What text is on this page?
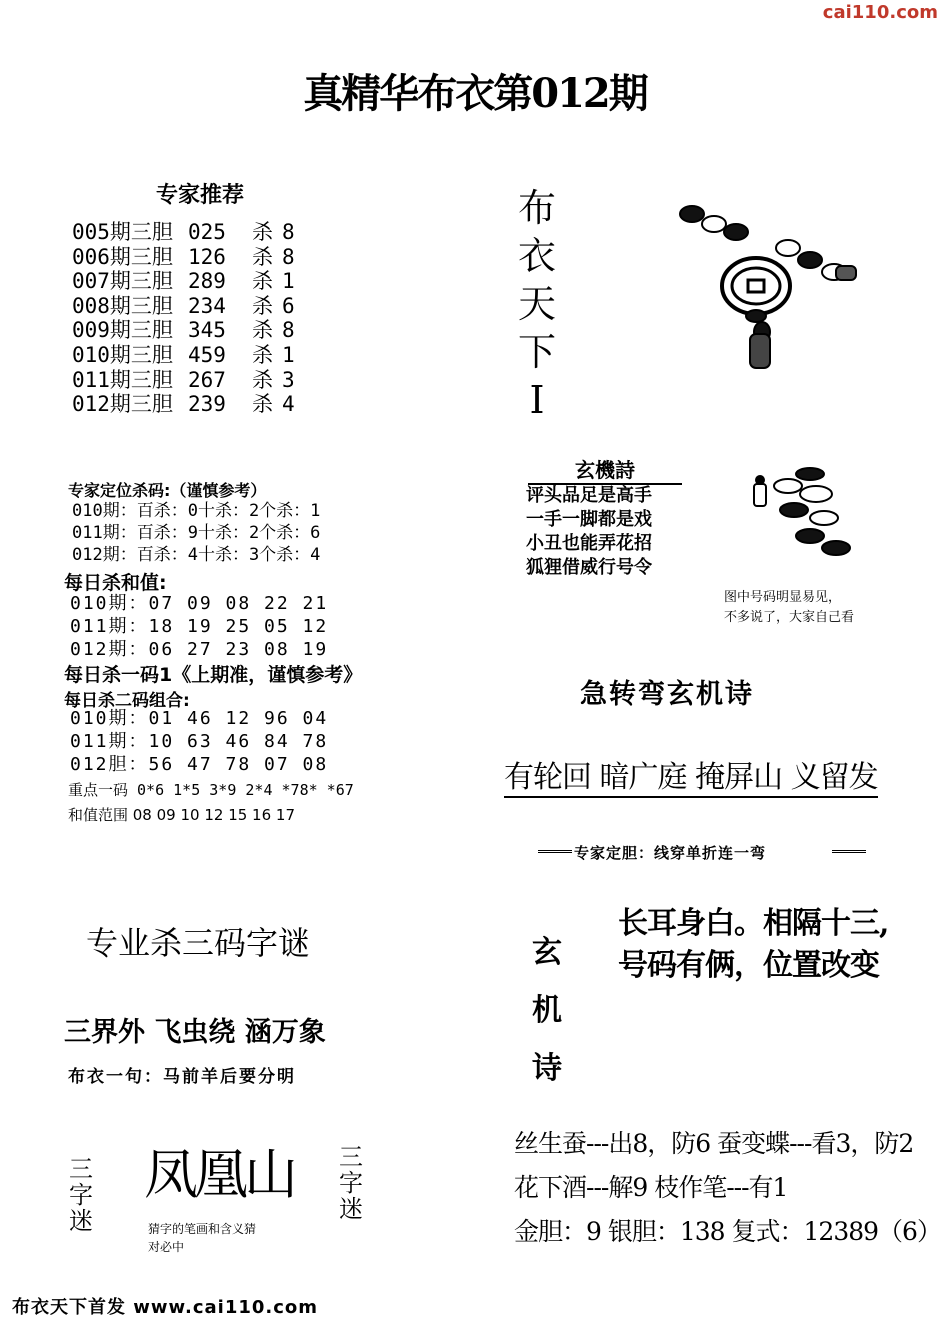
cai110.com
真精华布衣第012期
专家推荐
005期三胆 025 杀 8
006期三胆 126 杀 8
007期三胆 289 杀 1
008期三胆 234 杀 6
009期三胆 345 杀 8
010期三胆 459 杀 1
011期三胆 267 杀 3
012期三胆 239 杀 4
专家定位杀码:（谨慎参考）
010期：百杀：0十杀：2个杀：1
011期：百杀：9十杀：2个杀：6
012期：百杀：4十杀：3个杀：4
每日杀和值:
010期：07 09 08 22 21
011期：18 19 25 05 12
012期：06 27 23 08 19
每日杀一码1《上期准，谨慎参考》
每日杀二码组合:
010期：01 46 12 96 04
011期：10 63 46 84 78
012胆：56 47 78 07 08
重点一码 0*6 1*5 3*9 2*4 *78* *67
和值范围 08 09 10 12 15 16 17
专业杀三码字谜
三界外 飞虫绕 涵万象
布衣一句：马前羊后要分明
三
字
迷
凤凰山
猜字的笔画和含义猜
对必中
三
字
迷
布
衣
天
下
I
玄機詩
评头品足是高手
一手一脚都是戏
小丑也能弄花招
狐狸借威行号令
图中号码明显易见，
不多说了，大家自己看
急转弯玄机诗
有轮回 暗广庭 掩屏山 义留发
专家定胆：线穿单折连一弯
玄
机
诗
长耳身白。相隔十三,
号码有俩，位置改变
丝生蚕---出8，防6 蚕变蝶---看3，防2
花下酒---解9 枝作笔---有1
金胆：9 银胆：138 复式：12389（6）
布衣天下首发 www.cai110.com
